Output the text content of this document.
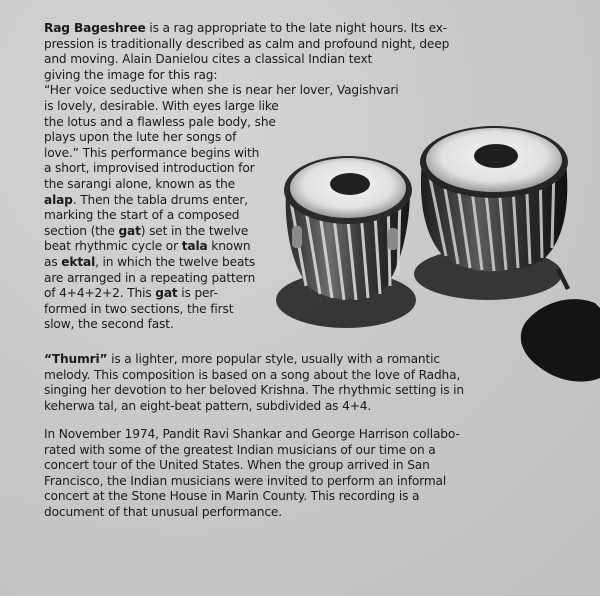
Rag Bageshree is a rag appropriate to the late night hours. Its ex-
pression is traditionally described as calm and profound night, deep
and moving. Alain Danielou cites a classical Indian text
giving the image for this rag:
“Her voice seductive when she is near her lover, Vagishvari
is lovely, desirable. With eyes large like
the lotus and a flawless pale body, she
plays upon the lute her songs of
love.” This performance begins with
a short, improvised introduction for
the sarangi alone, known as the
alap. Then the tabla drums enter,
marking the start of a composed
section (the gat) set in the twelve
beat rhythmic cycle or tala known
as ektal, in which the twelve beats
are arranged in a repeating pattern
of 4+4+2+2. This gat is per-
formed in two sections, the first
slow, the second fast.

“Thumri” is a lighter, more popular style, usually with a romantic
melody. This composition is based on a song about the love of Radha,
singing her devotion to her beloved Krishna. The rhythmic setting is in
keherwa tal, an eight-beat pattern, subdivided as 4+4.

In November 1974, Pandit Ravi Shankar and George Harrison collabo-
rated with some of the greatest Indian musicians of our time on a
concert tour of the United States. When the group arrived in San
Francisco, the Indian musicians were invited to perform an informal
concert at the Stone House in Marin County. This recording is a
document of that unusual performance.
